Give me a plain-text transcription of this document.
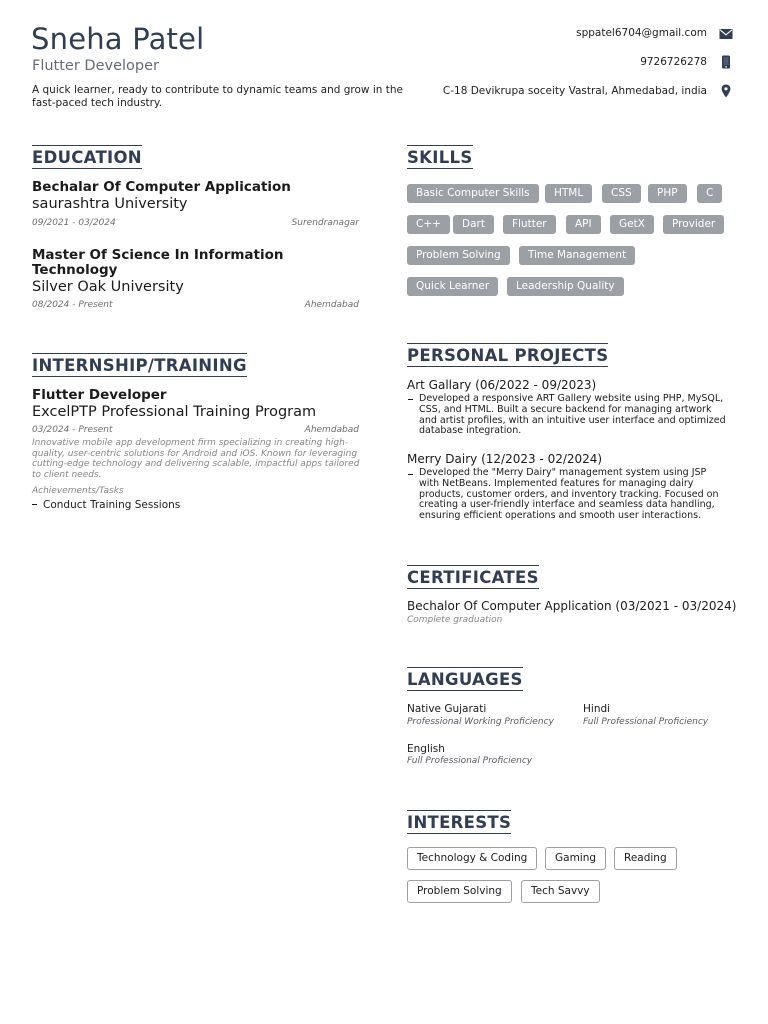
Sneha Patel
Flutter Developer
A quick learner, ready to contribute to dynamic teams and grow in the fast-paced tech industry.
sppatel6704@gmail.com
9726726278
C-18 Devikrupa soceity Vastral, Ahmedabad, india
EDUCATION
Bechalar Of Computer Application
saurashtra University
09/2021 - 03/2024	Surendranagar
Master Of Science In Information Technology
Silver Oak University
08/2024 - Present	Ahemdabad
INTERNSHIP/TRAINING
Flutter Developer
ExcelPTP Professional Training Program
03/2024 - Present	Ahemdabad
Innovative mobile app development firm specializing in creating high-quality, user-centric solutions for Android and iOS. Known for leveraging cutting-edge technology and delivering scalable, impactful apps tailored to client needs.
Achievements/Tasks
Conduct Training Sessions
SKILLS
Basic Computer Skills	HTML	CSS	PHP	C
C++	Dart	Flutter	API	GetX	Provider
Problem Solving	Time Management
Quick Learner	Leadership Quality
PERSONAL PROJECTS
Art Gallary (06/2022 - 09/2023)
Developed a responsive ART Gallery website using PHP, MySQL, CSS, and HTML. Built a secure backend for managing artwork and artist profiles, with an intuitive user interface and optimized database integration.
Merry Dairy (12/2023 - 02/2024)
Developed the "Merry Dairy" management system using JSP with NetBeans. Implemented features for managing dairy products, customer orders, and inventory tracking. Focused on creating a user-friendly interface and seamless data handling, ensuring efficient operations and smooth user interactions.
CERTIFICATES
Bechalor Of Computer Application (03/2021 - 03/2024)
Complete graduation
LANGUAGES
Native Gujarati
Professional Working Proficiency
Hindi
Full Professional Proficiency
English
Full Professional Proficiency
INTERESTS
Technology & Coding	Gaming	Reading
Problem Solving	Tech Savvy
